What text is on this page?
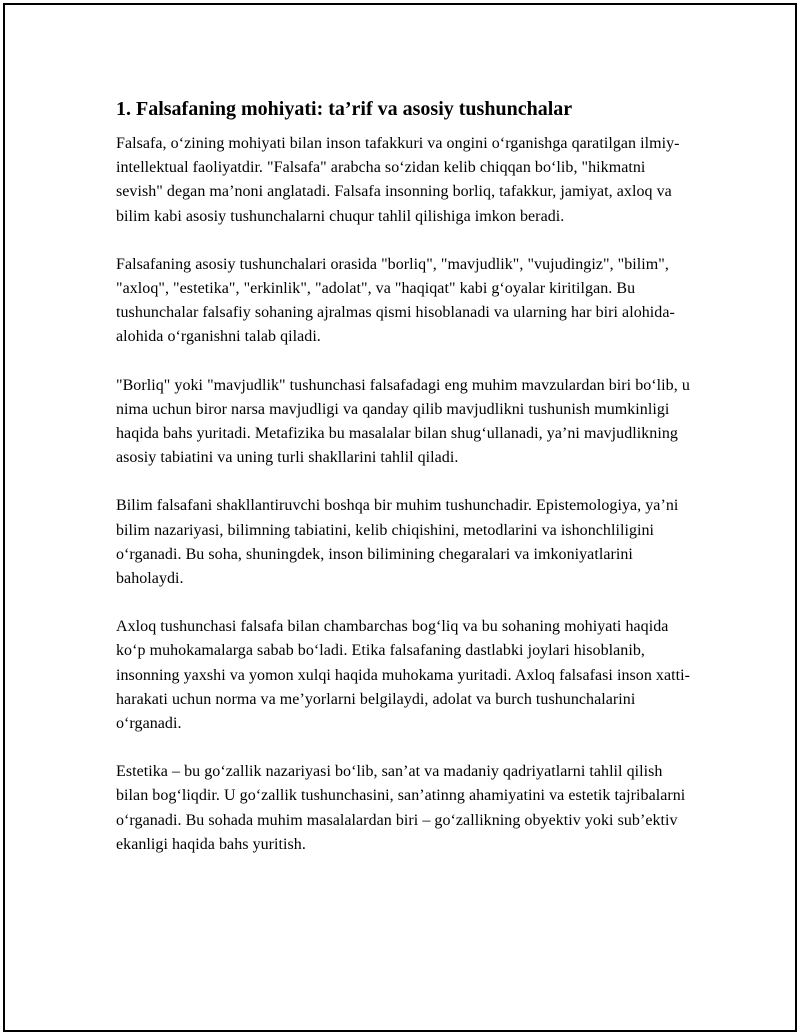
1. Falsafaning mohiyati: ta’rif va asosiy tushunchalar

Falsafa, o‘zining mohiyati bilan inson tafakkuri va ongini o‘rganishga qaratilgan ilmiy-intellektual faoliyatdir. "Falsafa" arabcha so‘zidan kelib chiqqan bo‘lib, "hikmatni sevish" degan ma’noni anglatadi. Falsafa insonning borliq, tafakkur, jamiyat, axloq va bilim kabi asosiy tushunchalarni chuqur tahlil qilishiga imkon beradi.

Falsafaning asosiy tushunchalari orasida "borliq", "mavjudlik", "vujudingiz", "bilim", "axloq", "estetika", "erkinlik", "adolat", va "haqiqat" kabi g‘oyalar kiritilgan. Bu tushunchalar falsafiy sohaning ajralmas qismi hisoblanadi va ularning har biri alohida-alohida o‘rganishni talab qiladi.

"Borliq" yoki "mavjudlik" tushunchasi falsafadagi eng muhim mavzulardan biri bo‘lib, u nima uchun biror narsa mavjudligi va qanday qilib mavjudlikni tushunish mumkinligi haqida bahs yuritadi. Metafizika bu masalalar bilan shug‘ullanadi, ya’ni mavjudlikning asosiy tabiatini va uning turli shakllarini tahlil qiladi.

Bilim falsafani shakllantiruvchi boshqa bir muhim tushunchadir. Epistemologiya, ya’ni bilim nazariyasi, bilimning tabiatini, kelib chiqishini, metodlarini va ishonchliligini o‘rganadi. Bu soha, shuningdek, inson bilimining chegaralari va imkoniyatlarini baholaydi.

Axloq tushunchasi falsafa bilan chambarchas bog‘liq va bu sohaning mohiyati haqida ko‘p muhokamalarga sabab bo‘ladi. Etika falsafaning dastlabki joylari hisoblanib, insonning yaxshi va yomon xulqi haqida muhokama yuritadi. Axloq falsafasi inson xatti-harakati uchun norma va me’yorlarni belgilaydi, adolat va burch tushunchalarini o‘rganadi.

Estetika – bu go‘zallik nazariyasi bo‘lib, san’at va madaniy qadriyatlarni tahlil qilish bilan bog‘liqdir. U go‘zallik tushunchasini, san’atinng ahamiyatini va estetik tajribalarni o‘rganadi. Bu sohada muhim masalalardan biri – go‘zallikning obyektiv yoki sub’ektiv ekanligi haqida bahs yuritish.
